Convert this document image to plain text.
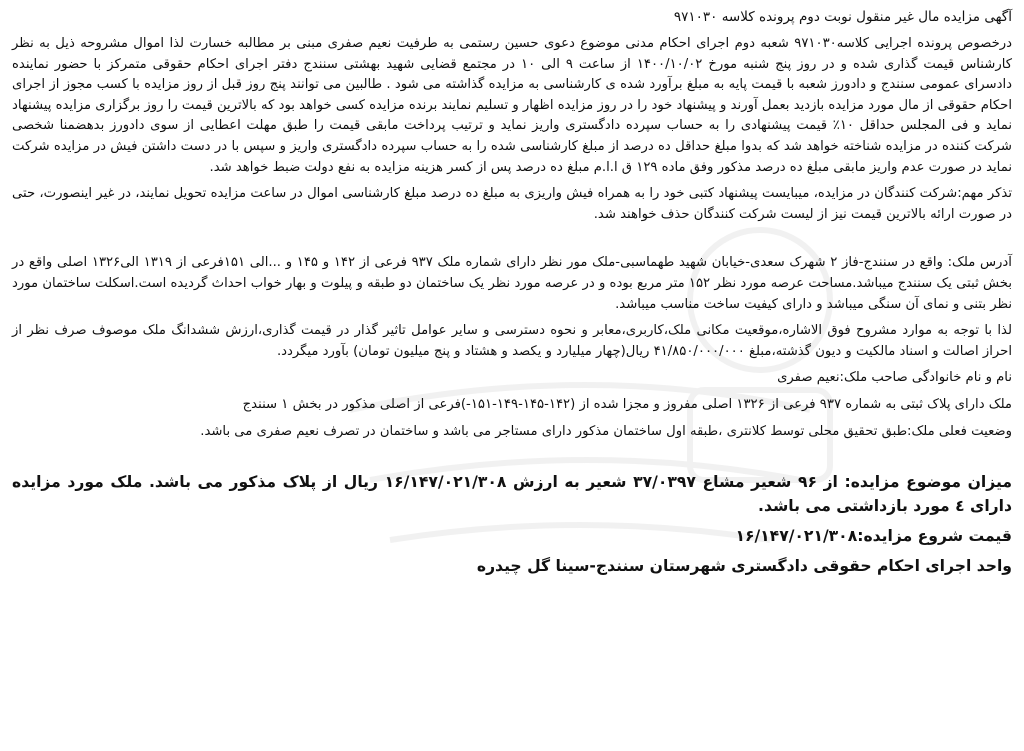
آگهی مزایده مال غیر منقول نوبت دوم پرونده کلاسه ۹۷۱۰۳۰

درخصوص پرونده اجرایی کلاسه۹۷۱۰۳۰ شعبه دوم اجرای احکام مدنی موضوع دعوی حسین رستمی به طرفیت نعیم صفری مبنی بر مطالبه خسارت لذا اموال مشروحه ذیل به نظر کارشناس قیمت گذاری شده و در روز پنج شنبه مورخ ۱۴۰۰/۱۰/۰۲ از ساعت ۹ الی ۱۰ در مجتمع قضایی شهید بهشتی سنندج دفتر اجرای احکام حقوقی متمرکز با حضور نماینده دادسرای عمومی سنندج و دادورز شعبه با قیمت پایه به مبلغ برآورد شده ی کارشناسی به مزایده گذاشته می شود . طالبین می توانند پنج روز قبل از روز مزایده با کسب مجوز از اجرای احکام حقوقی از مال مورد مزایده بازدید بعمل آورند و پیشنهاد خود را در روز مزایده اظهار و تسلیم نمایند برنده مزایده کسی خواهد بود که بالاترین قیمت را روز برگزاری مزایده پیشنهاد نماید و فی المجلس حداقل ۱۰٪ قیمت پیشنهادی را به حساب سپرده دادگستری واریز نماید و ترتیب پرداخت مابقی قیمت را طبق مهلت اعطایی از سوی دادورز بدهضمنا شخصی شرکت کننده در مزایده شناخته خواهد شد که بدوا مبلغ حداقل ده درصد از مبلغ کارشناسی شده را به حساب سپرده دادگستری واریز و سپس با در دست داشتن فیش در مزایده شرکت نماید در صورت عدم واریز مابقی مبلغ ده درصد مذکور وفق ماده ۱۲۹ ق ا.ا.م مبلغ ده درصد پس از کسر هزینه مزایده به نفع دولت ضبط خواهد شد.

تذکر مهم:شرکت کنندگان در مزایده، میبایست پیشنهاد کتبی خود را به همراه فیش واریزی به مبلغ ده درصد مبلغ کارشناسی اموال در ساعت مزایده تحویل نمایند، در غیر اینصورت، حتی در صورت ارائه بالاترین قیمت نیز از لیست شرکت کنندگان حذف خواهند شد.

آدرس ملک: واقع در سنندج-فاز ۲ شهرک سعدی-خیابان شهید طهماسبی-ملک مور نظر دارای شماره ملک ۹۳۷ فرعی از ۱۴۲ و ۱۴۵ و ...الی ۱۵۱فرعی از ۱۳۱۹ الی۱۳۲۶ اصلی واقع در بخش ثبتی یک سنندج میباشد.مساحت عرصه مورد نظر ۱۵۲ متر مربع بوده و در عرصه مورد نظر یک ساختمان دو طبقه و پیلوت و بهار خواب احداث گردیده است.اسکلت ساختمان مورد نظر بتنی و نمای آن سنگی میباشد و دارای کیفیت ساخت مناسب میباشد.

لذا با توجه به موارد مشروح فوق الاشاره،موقعیت مکانی ملک،کاربری،معابر و نحوه دسترسی و سایر عوامل تاثیر گذار در قیمت گذاری،ارزش ششدانگ ملک موصوف صرف نظر از احراز اصالت و اسناد مالکیت و دیون گذشته،مبلغ ۴۱/۸۵۰/۰۰۰/۰۰۰ ریال(چهار میلیارد و یکصد و هشتاد و پنج میلیون تومان) بآورد میگردد.

نام و نام خانوادگی صاحب ملک:نعیم صفری

ملک دارای پلاک ثبتی به شماره ۹۳۷ فرعی از ۱۳۲۶ اصلی مفروز و مجزا شده از (۱۴۲-۱۴۵-۱۴۹-۱۵۱-)فرعی از اصلی مذکور در بخش ۱ سنندج

وضعیت فعلی ملک:طبق تحقیق محلی توسط کلانتری ،طبقه اول ساختمان مذکور دارای مستاجر می باشد و ساختمان در تصرف نعیم صفری می باشد.

میزان موضوع مزایده: از ۹۶ شعیر مشاع ۳۷/۰۳۹۷ شعیر به ارزش ۱۶/۱۴۷/۰۲۱/۳۰۸ ریال از پلاک مذکور می باشد. ملک مورد مزایده دارای ٤ مورد بازداشتی می باشد.

قیمت شروع مزایده:۱۶/۱۴۷/۰۲۱/۳۰۸

واحد اجرای احکام حقوقی دادگستری شهرستان سنندج-سینا گل چیدره
